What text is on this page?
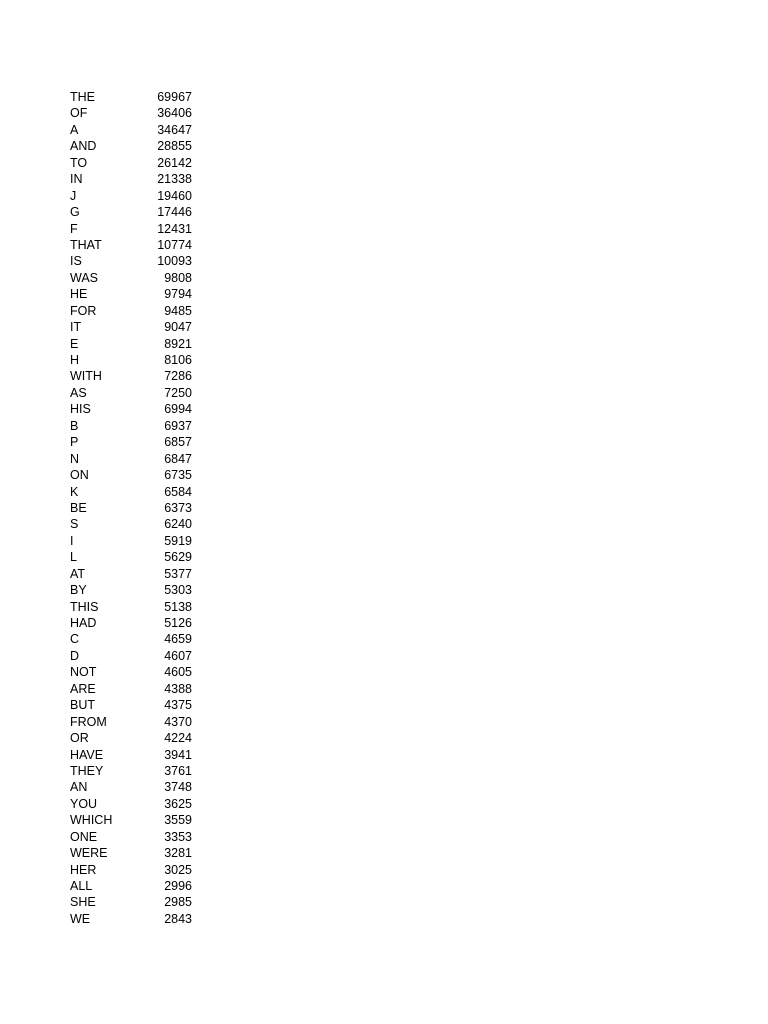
THE	69967
OF	36406
A	34647
AND	28855
TO	26142
IN	21338
J	19460
G	17446
F	12431
THAT	10774
IS	10093
WAS	9808
HE	9794
FOR	9485
IT	9047
E	8921
H	8106
WITH	7286
AS	7250
HIS	6994
B	6937
P	6857
N	6847
ON	6735
K	6584
BE	6373
S	6240
I	5919
L	5629
AT	5377
BY	5303
THIS	5138
HAD	5126
C	4659
D	4607
NOT	4605
ARE	4388
BUT	4375
FROM	4370
OR	4224
HAVE	3941
THEY	3761
AN	3748
YOU	3625
WHICH	3559
ONE	3353
WERE	3281
HER	3025
ALL	2996
SHE	2985
WE	2843
